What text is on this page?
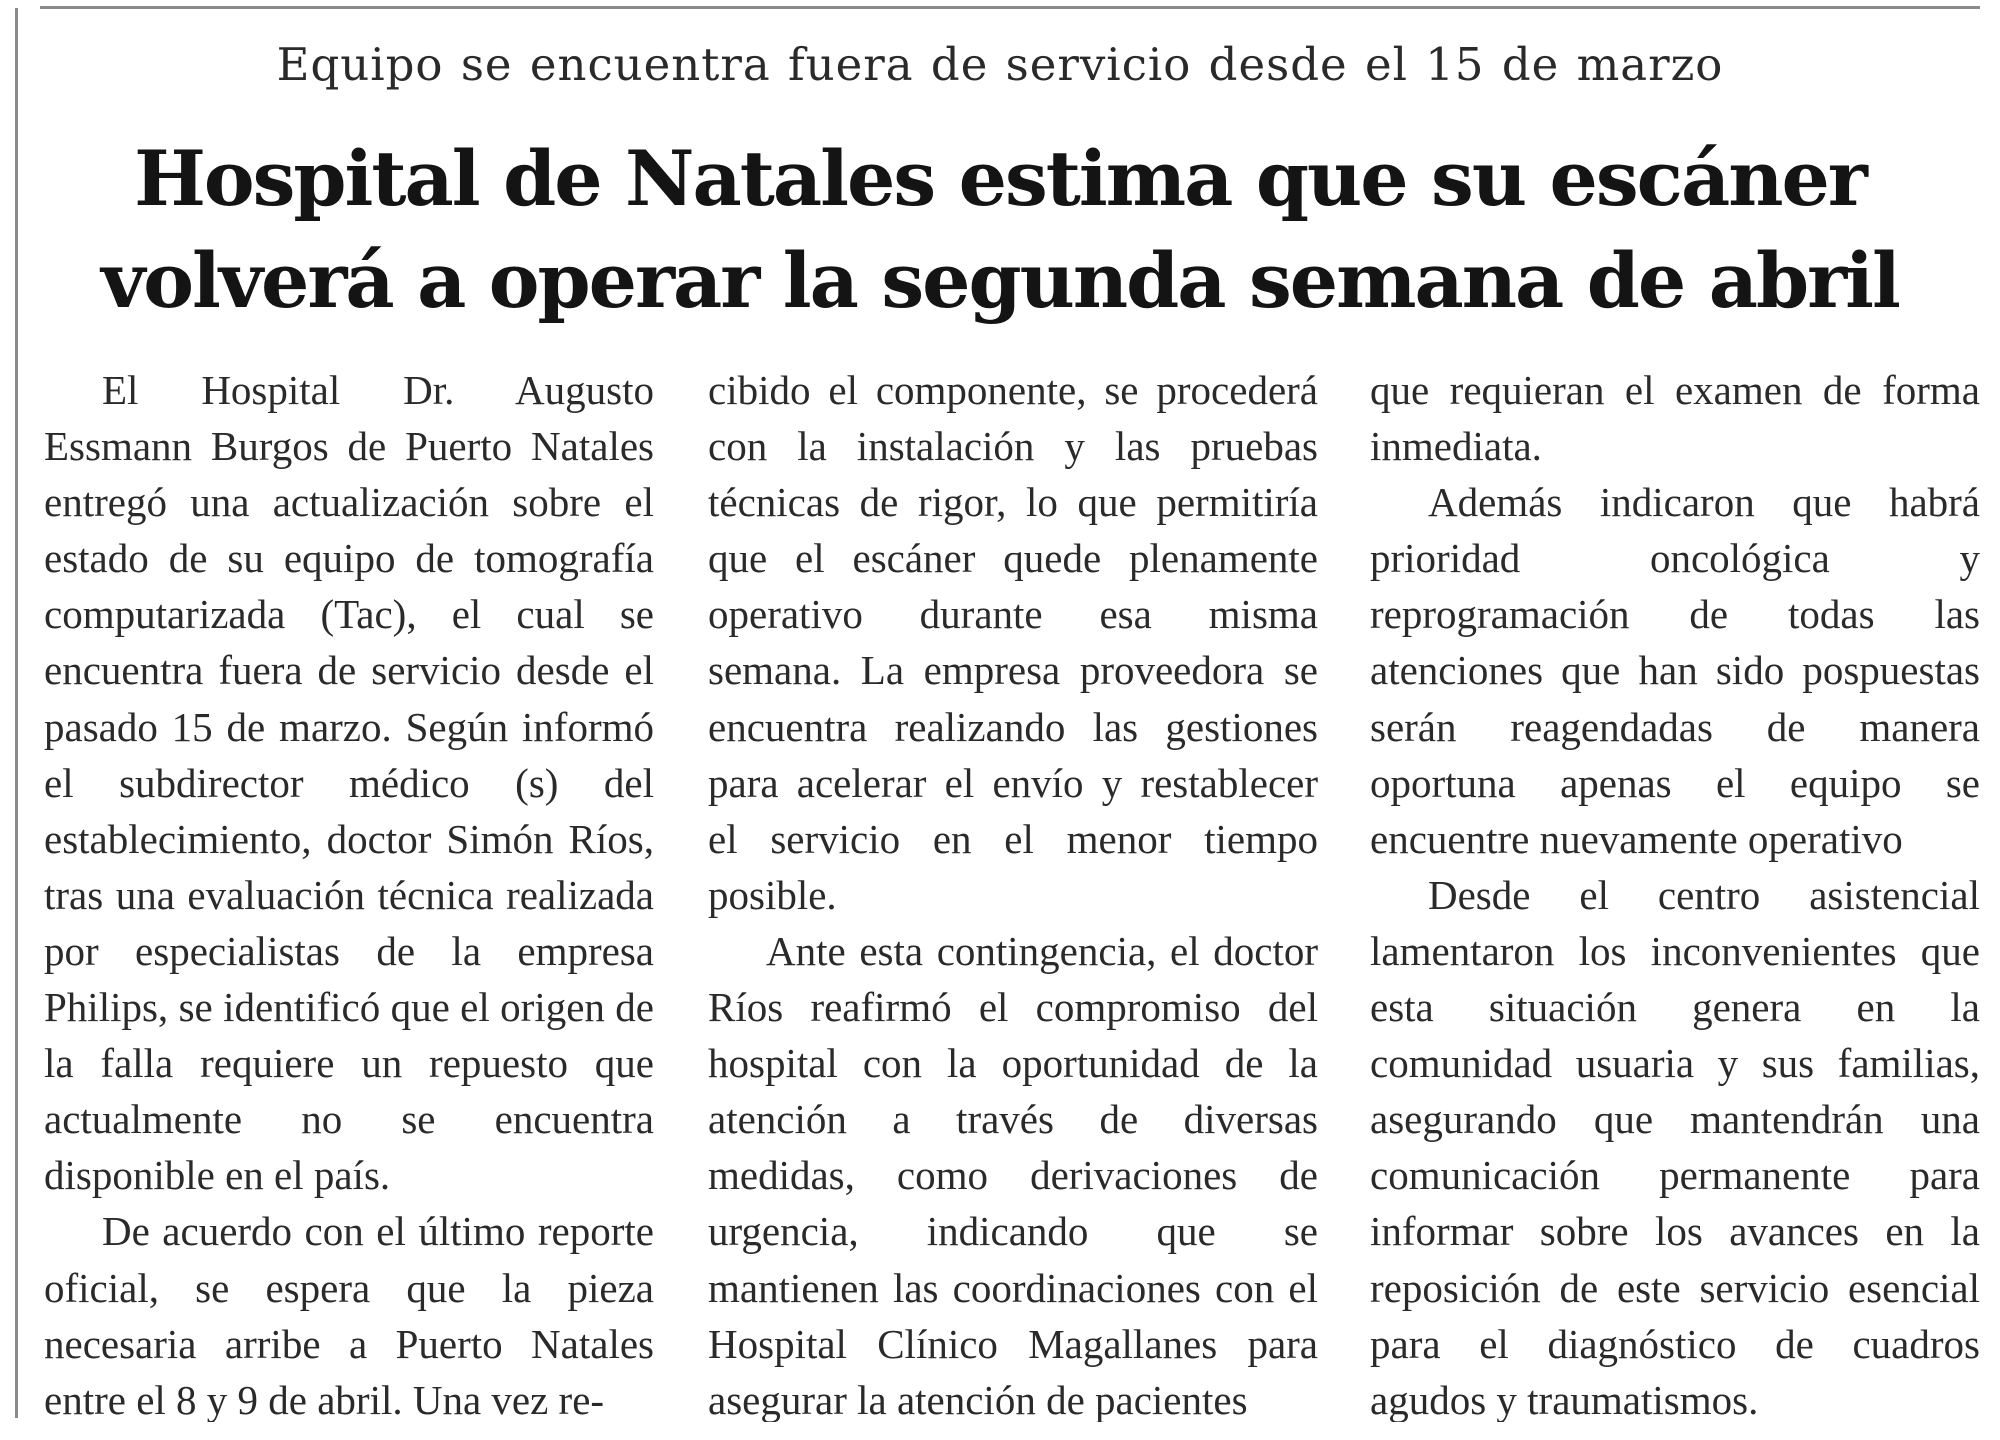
Equipo se encuentra fuera de servicio desde el 15 de marzo
Hospital de Natales estima que su escáner
volverá a operar la segunda semana de abril

El Hospital Dr. Augusto Essmann Burgos de Puerto Natales entregó una actualización sobre el estado de su equipo de tomografía computarizada (Tac), el cual se encuentra fuera de servicio desde el pasado 15 de marzo. Según informó el subdirector médico (s) del establecimiento, doctor Simón Ríos, tras una evaluación técnica realizada por especialistas de la empresa Philips, se identificó que el origen de la falla requiere un repuesto que actualmente no se encuentra disponible en el país.

De acuerdo con el último reporte oficial, se espera que la pieza necesaria arribe a Puerto Natales entre el 8 y 9 de abril. Una vez re-

cibido el componente, se procederá con la instalación y las pruebas técnicas de rigor, lo que permitiría que el escáner quede plenamente operativo durante esa misma semana. La empresa proveedora se encuentra realizando las gestiones para acelerar el envío y restablecer el servicio en el menor tiempo posible.

Ante esta contingencia, el doctor Ríos reafirmó el compromiso del hospital con la oportunidad de la atención a través de diversas medidas, como derivaciones de urgencia, indicando que se mantienen las coordinaciones con el Hospital Clínico Magallanes para asegurar la atención de pacientes

que requieran el examen de forma inmediata.

Además indicaron que habrá prioridad oncológica y reprogramación de todas las atenciones que han sido pospuestas serán reagendadas de manera oportuna apenas el equipo se encuentre nuevamente operativo

Desde el centro asistencial lamentaron los inconvenientes que esta situación genera en la comunidad usuaria y sus familias, asegurando que mantendrán una comunicación permanente para informar sobre los avances en la reposición de este servicio esencial para el diagnóstico de cuadros agudos y traumatismos.
